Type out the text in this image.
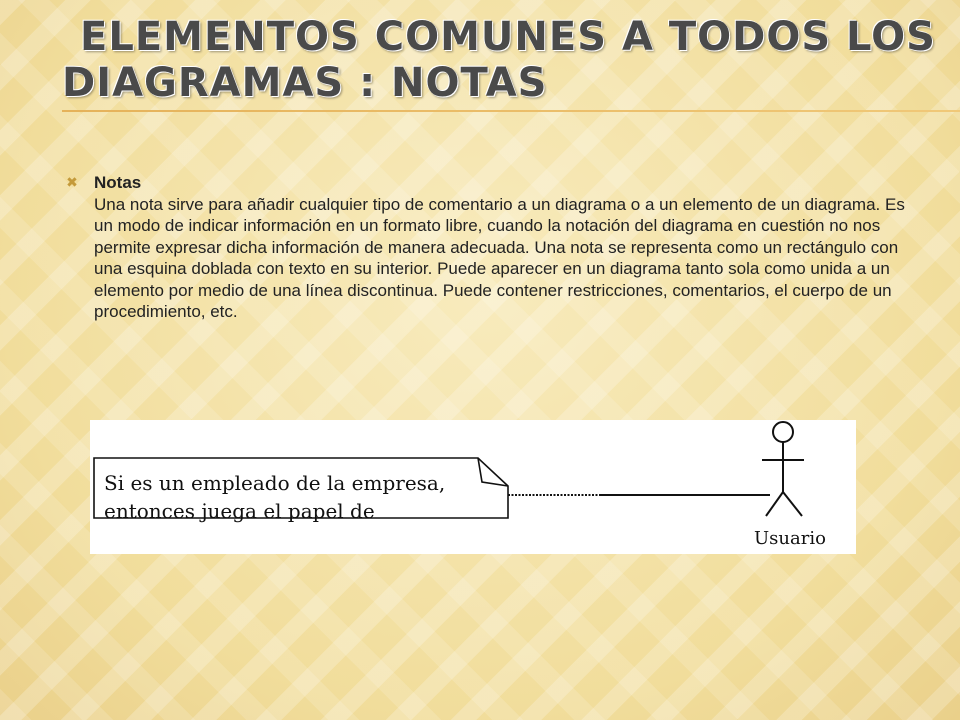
ELEMENTOS COMUNES A TODOS LOS
DIAGRAMAS : NOTAS
✖ Notas
Una nota sirve para añadir cualquier tipo de comentario a un diagrama o a un elemento de un diagrama. Es un modo de indicar información en un formato libre, cuando la notación del diagrama en cuestión no nos permite expresar dicha información de manera adecuada. Una nota se representa como un rectángulo con una esquina doblada con texto en su interior. Puede aparecer en un diagrama tanto sola como unida a un elemento por medio de una línea discontinua. Puede contener restricciones, comentarios, el cuerpo de un procedimiento, etc.
Si es un empleado de la empresa,
entonces juega el papel de
Usuario
